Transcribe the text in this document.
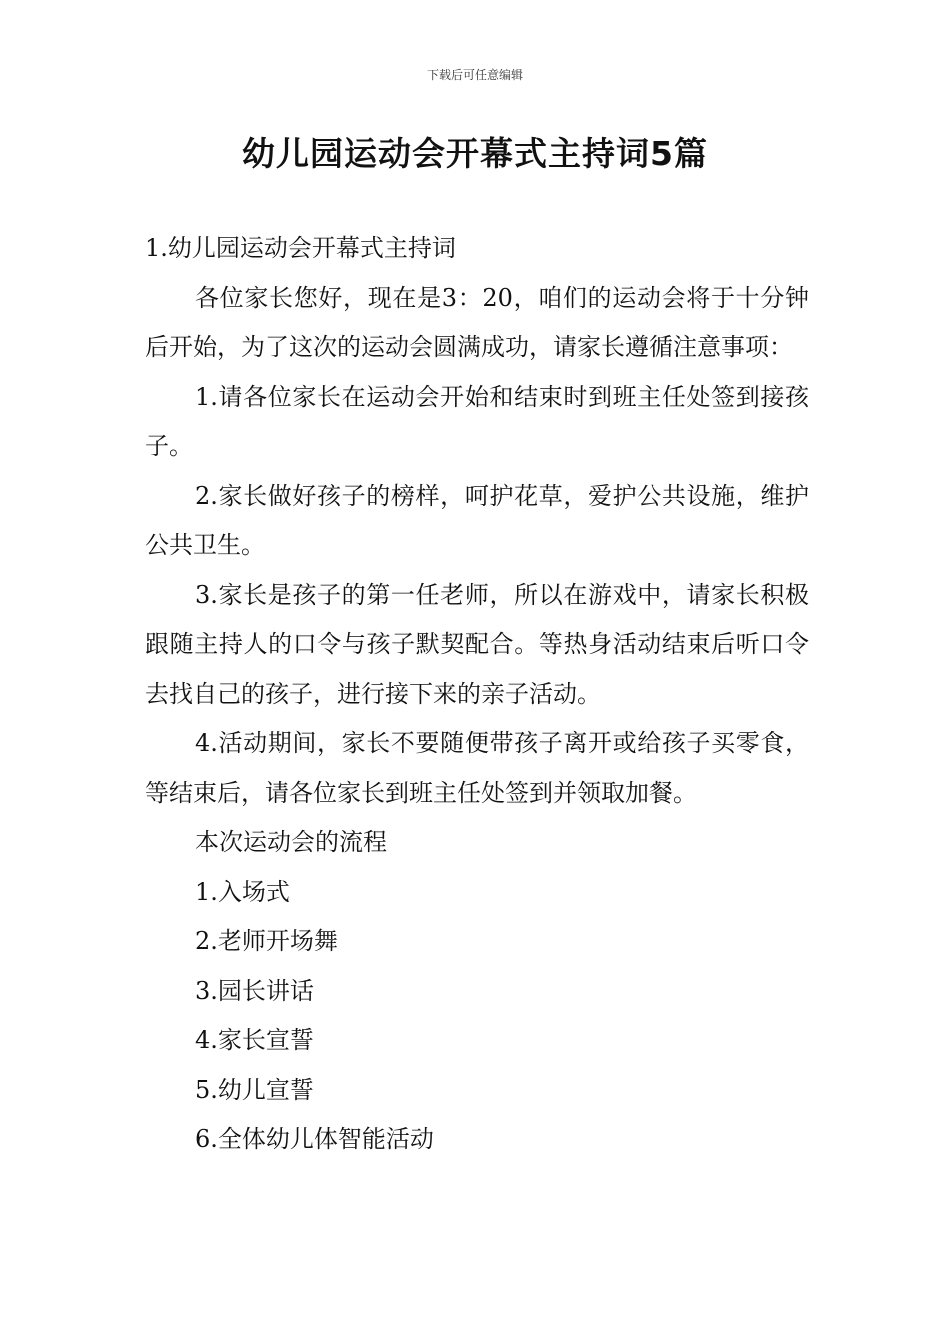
下载后可任意编辑
幼儿园运动会开幕式主持词5篇

1.幼儿园运动会开幕式主持词

各位家长您好，现在是3：20，咱们的运动会将于十分钟后开始，为了这次的运动会圆满成功，请家长遵循注意事项：

1.请各位家长在运动会开始和结束时到班主任处签到接孩子。

2.家长做好孩子的榜样，呵护花草，爱护公共设施，维护公共卫生。

3.家长是孩子的第一任老师，所以在游戏中，请家长积极跟随主持人的口令与孩子默契配合。等热身活动结束后听口令去找自己的孩子，进行接下来的亲子活动。

4.活动期间，家长不要随便带孩子离开或给孩子买零食，等结束后，请各位家长到班主任处签到并领取加餐。

本次运动会的流程

1.入场式

2.老师开场舞

3.园长讲话

4.家长宣誓

5.幼儿宣誓

6.全体幼儿体智能活动
